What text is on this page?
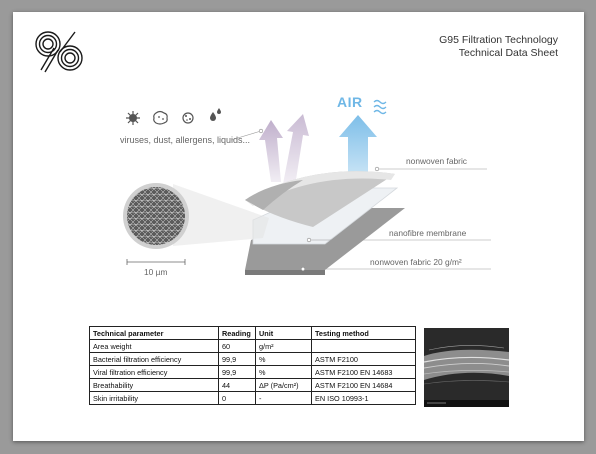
G95 Filtration Technology
Technical Data Sheet
viruses, dust, allergens, liquids...
AIR
nonwoven fabric
nanofibre membrane
nonwoven fabric 20 g/m²
10 µm
Technical parameter	Reading	Unit	Testing method
Area weight	60	g/m²	
Bacterial filtration efficiency	99,9	%	ASTM F2100
Viral filtration efficiency	99,9	%	ASTM F2100 EN 14683
Breathability	44	ΔP (Pa/cm²)	ASTM F2100 EN 14684
Skin irritability	0	-	EN ISO 10993-1
